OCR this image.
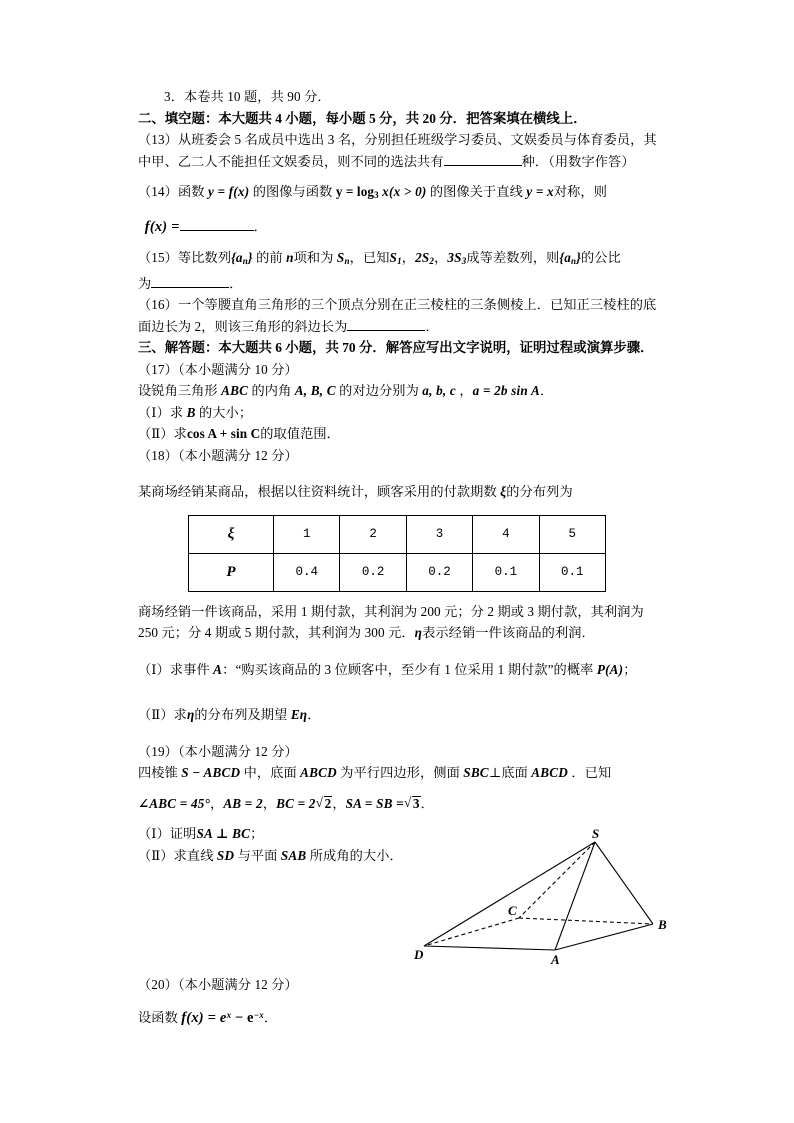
3．本卷共 10 题，共 90 分．
二、填空题：本大题共 4 小题，每小题 5 分，共 20 分．把答案填在横线上．
（13）从班委会 5 名成员中选出 3 名，分别担任班级学习委员、文娱委员与体育委员，其
中甲、乙二人不能担任文娱委员，则不同的选法共有	种．（用数字作答）
（14）函数 y = f(x) 的图像与函数 $y = \log_3 x(x > 0)$ 的图像关于直线 y = x对称，则
f(x) =	．
（15）等比数列$\{a_n\}$ 的前 n项和为 $S_n$，已知$S_1$，$2S_2$，$3S_3$成等差数列，则$\{a_n\}$的公比
为	．
（16）一个等腰直角三角形的三个顶点分别在正三棱柱的三条侧棱上．已知正三棱柱的底
面边长为 2，则该三角形的斜边长为	．
三、解答题：本大题共 6 小题，共 70 分．解答应写出文字说明，证明过程或演算步骤．
（17）（本小题满分 10 分）
设锐角三角形 ABC 的内角 A, B, C 的对边分别为 a, b, c ，a = 2b sin A．
（Ⅰ）求 B 的大小；
（Ⅱ）求cos A + sin C的取值范围．
（18）（本小题满分 12 分）
某商场经销某商品，根据以往资料统计，顾客采用的付款期数 ξ的分布列为
ξ	1	2	3	4	5
P	0.4	0.2	0.2	0.1	0.1
商场经销一件该商品，采用 1 期付款，其利润为 200 元；分 2 期或 3 期付款，其利润为
250 元；分 4 期或 5 期付款，其利润为 300 元．η表示经销一件该商品的利润．
（Ⅰ）求事件 A：“购买该商品的 3 位顾客中，至少有 1 位采用 1 期付款”的概率 P(A)；
（Ⅱ）求η的分布列及期望 Eη．
（19）（本小题满分 12 分）
四棱锥 S − ABCD 中，底面 ABCD 为平行四边形，侧面 SBC⊥底面 ABCD ．已知
∠ABC = 45°，AB = 2，BC = 2 √ 2，SA = SB = √ 3．
（Ⅰ）证明SA ⊥ BC；
（Ⅱ）求直线 SD 与平面 SAB 所成角的大小．
（20）（本小题满分 12 分）
设函数 $f(x) = e^x - e^{-x}$．
S
B
C
A
D
